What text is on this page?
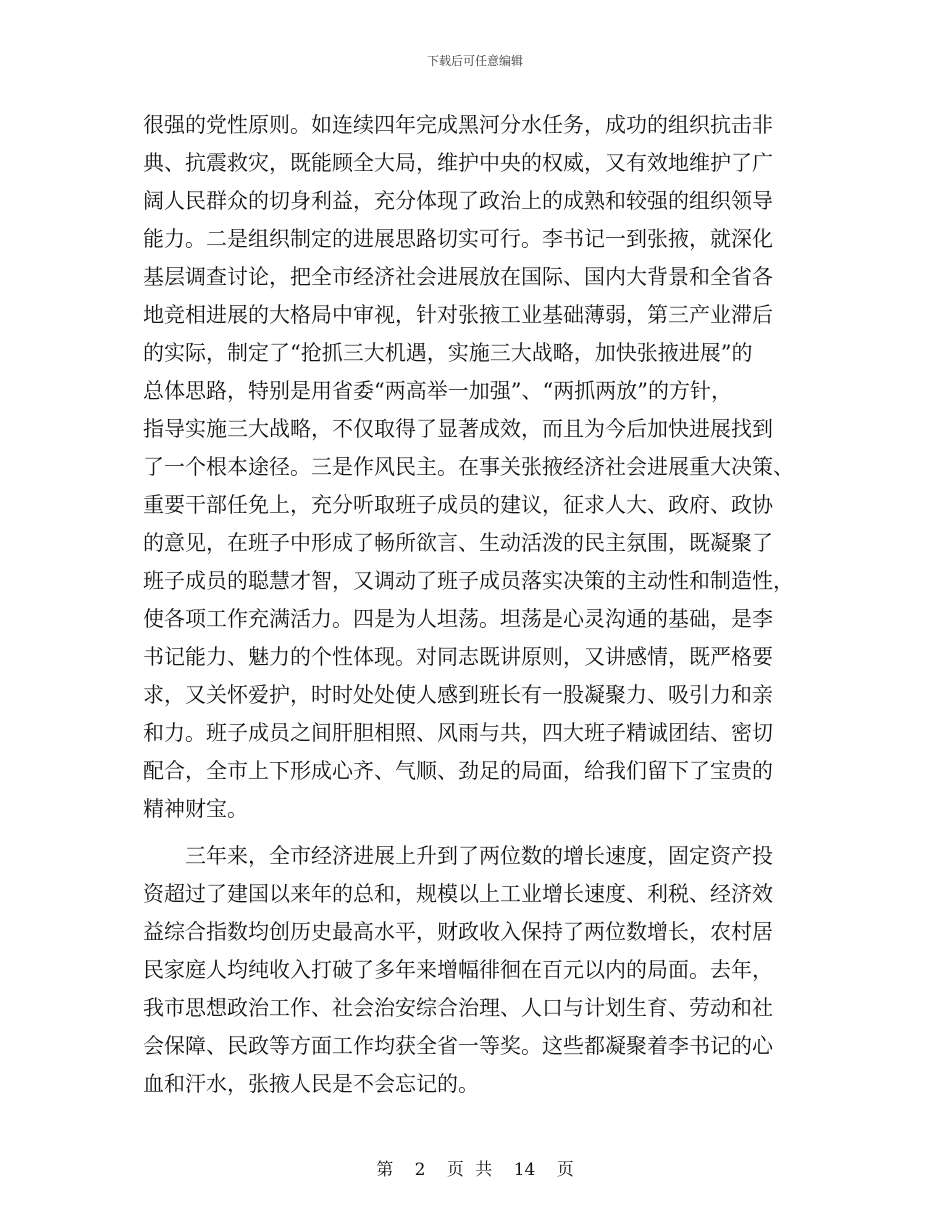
下载后可任意编辑
很强的党性原则。如连续四年完成黑河分水任务，成功的组织抗击非
典、抗震救灾，既能顾全大局，维护中央的权威，又有效地维护了广
阔人民群众的切身利益，充分体现了政治上的成熟和较强的组织领导
能力。二是组织制定的进展思路切实可行。李书记一到张掖，就深化
基层调查讨论，把全市经济社会进展放在国际、国内大背景和全省各
地竞相进展的大格局中审视，针对张掖工业基础薄弱，第三产业滞后
的实际，制定了“抢抓三大机遇，实施三大战略，加快张掖进展”的
总体思路，特别是用省委“两高举一加强”、“两抓两放”的方针，
指导实施三大战略，不仅取得了显著成效，而且为今后加快进展找到
了一个根本途径。三是作风民主。在事关张掖经济社会进展重大决策、
重要干部任免上，充分听取班子成员的建议，征求人大、政府、政协
的意见，在班子中形成了畅所欲言、生动活泼的民主氛围，既凝聚了
班子成员的聪慧才智，又调动了班子成员落实决策的主动性和制造性，
使各项工作充满活力。四是为人坦荡。坦荡是心灵沟通的基础，是李
书记能力、魅力的个性体现。对同志既讲原则，又讲感情，既严格要
求，又关怀爱护，时时处处使人感到班长有一股凝聚力、吸引力和亲
和力。班子成员之间肝胆相照、风雨与共，四大班子精诚团结、密切
配合，全市上下形成心齐、气顺、劲足的局面，给我们留下了宝贵的
精神财宝。
三年来，全市经济进展上升到了两位数的增长速度，固定资产投
资超过了建国以来年的总和，规模以上工业增长速度、利税、经济效
益综合指数均创历史最高水平，财政收入保持了两位数增长，农村居
民家庭人均纯收入打破了多年来增幅徘徊在百元以内的局面。去年，
我市思想政治工作、社会治安综合治理、人口与计划生育、劳动和社
会保障、民政等方面工作均获全省一等奖。这些都凝聚着李书记的心
血和汗水，张掖人民是不会忘记的。
第 2 页 共 14 页
